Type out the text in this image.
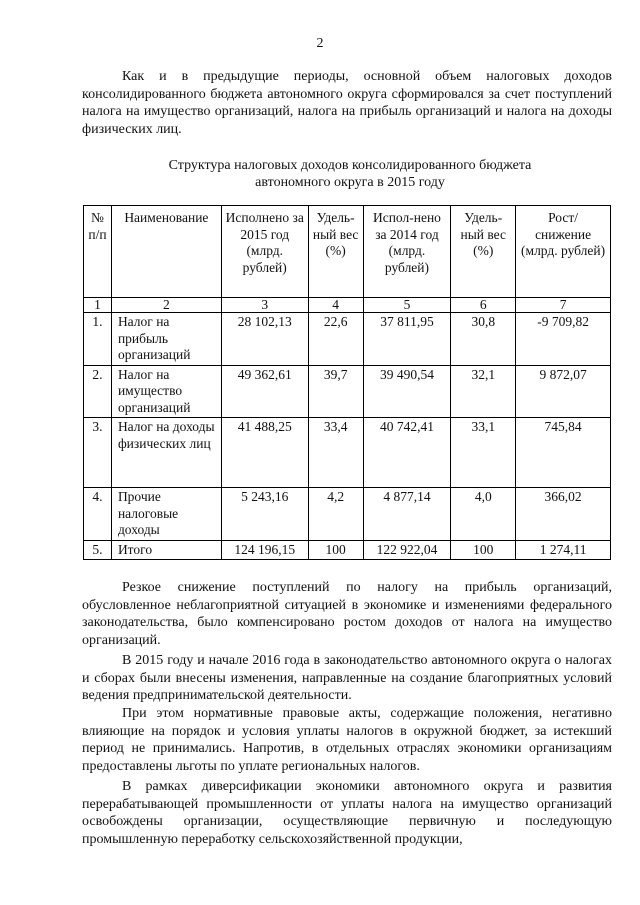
2

Как и в предыдущие периоды, основной объем налоговых доходов консолидированного бюджета автономного округа сформировался за счет поступлений налога на имущество организаций, налога на прибыль организаций и налога на доходы физических лиц.

Структура налоговых доходов консолидированного бюджета
автономного округа в 2015 году
№ п/п	Наименование	Исполнено за 2015 год (млрд. рублей)	Удель-ный вес (%)	Испол-нено за 2014 год (млрд. рублей)	Удель-ный вес (%)	Рост/ снижение (млрд. рублей)
1	2	3	4	5	6	7
1.	Налог на прибыль организаций	28 102,13	22,6	37 811,95	30,8	-9 709,82
2.	Налог на имущество организаций	49 362,61	39,7	39 490,54	32,1	9 872,07
3.	Налог на доходы физических лиц	41 488,25	33,4	40 742,41	33,1	745,84
4.	Прочие налоговые доходы	5 243,16	4,2	4 877,14	4,0	366,02
5.	Итого	124 196,15	100	122 922,04	100	1 274,11

Резкое снижение поступлений по налогу на прибыль организаций, обусловленное неблагоприятной ситуацией в экономике и изменениями федерального законодательства, было компенсировано ростом доходов от налога на имущество организаций.

В 2015 году и начале 2016 года в законодательство автономного округа о налогах и сборах были внесены изменения, направленные на создание благоприятных условий ведения предпринимательской деятельности.

При этом нормативные правовые акты, содержащие положения, негативно влияющие на порядок и условия уплаты налогов в окружной бюджет, за истекший период не принимались. Напротив, в отдельных отраслях экономики организациям предоставлены льготы по уплате региональных налогов.

В рамках диверсификации экономики автономного округа и развития перерабатывающей промышленности от уплаты налога на имущество организаций освобождены организации, осуществляющие первичную и последующую промышленную переработку сельскохозяйственной продукции,
